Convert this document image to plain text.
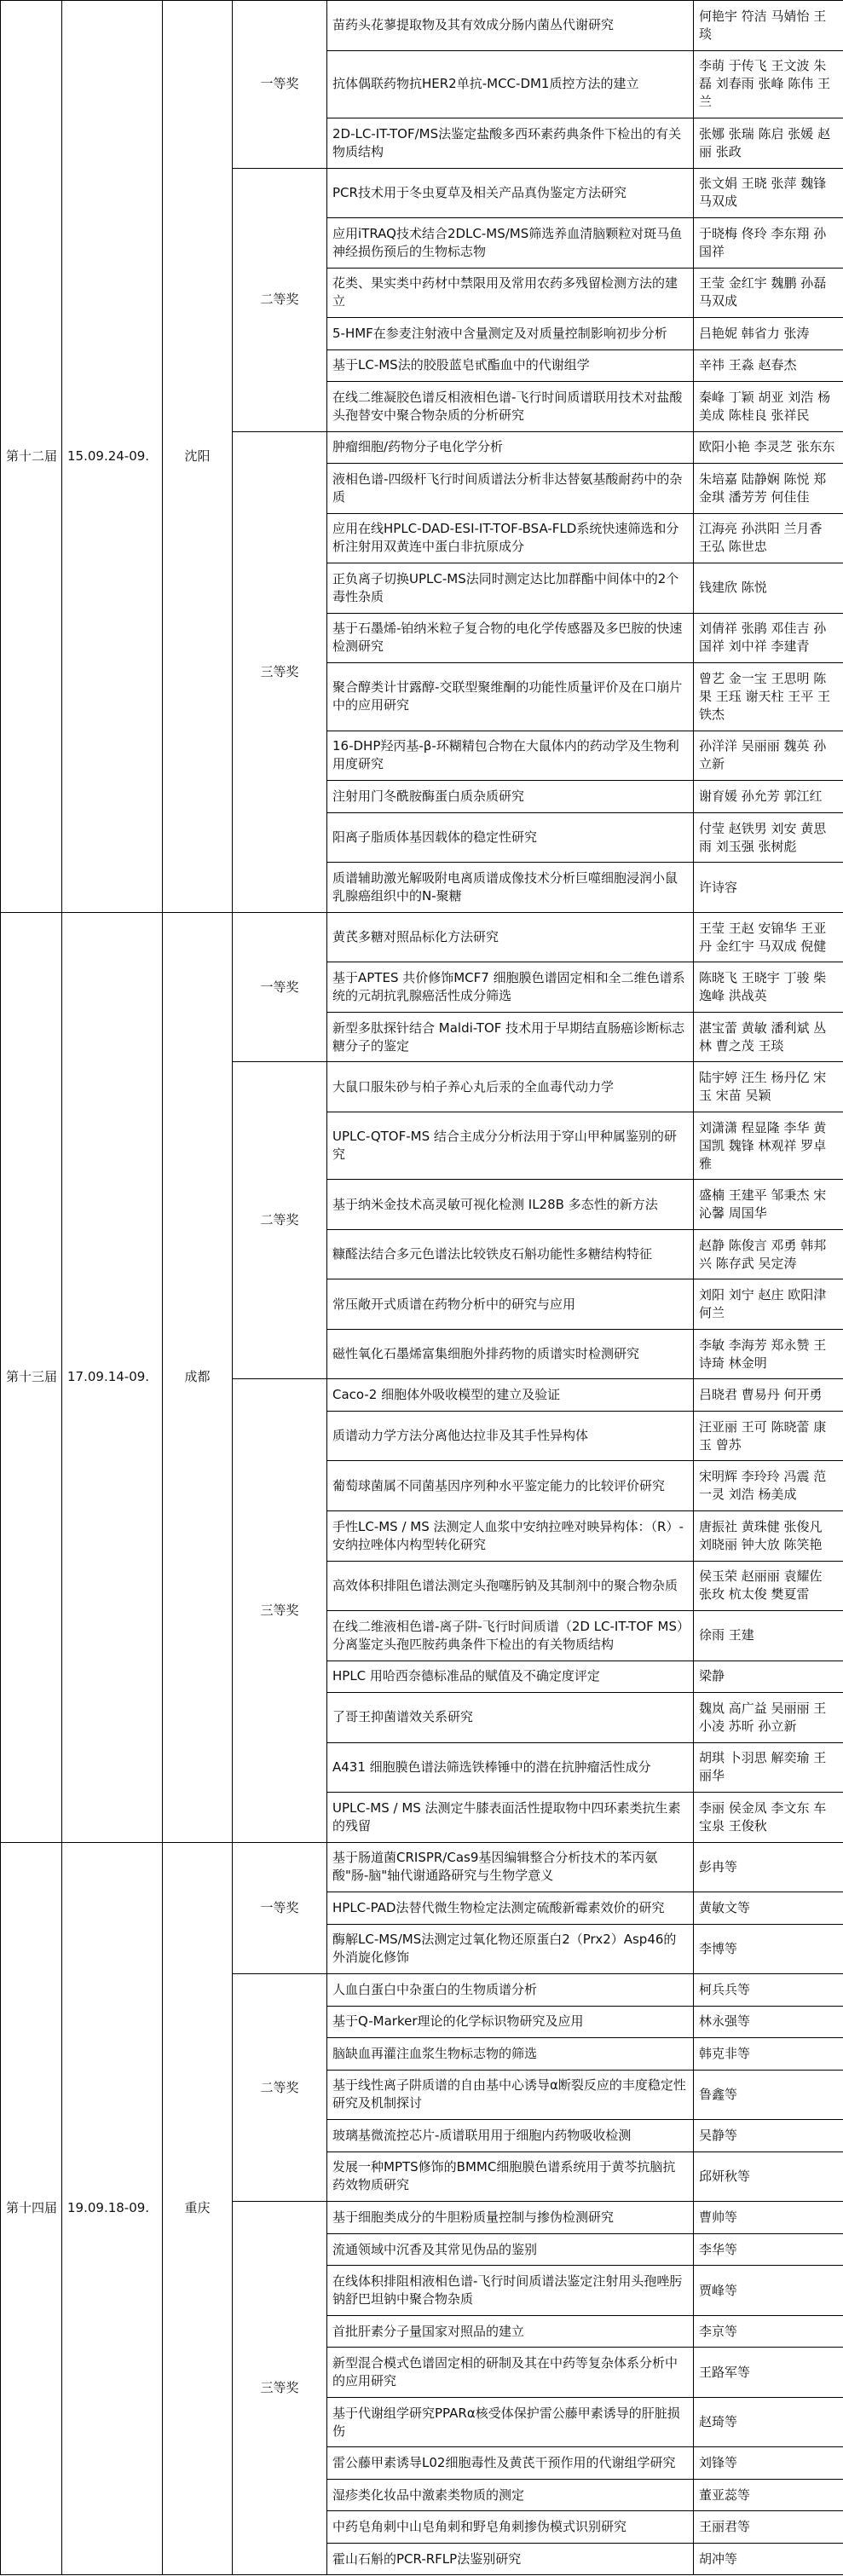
第十二届	15.09.24-09.	沈阳	一等奖	苗药头花蓼提取物及其有效成分肠内菌丛代谢研究	何艳宇 符洁 马婧怡 王琰
				抗体偶联药物抗HER2单抗-MCC-DM1质控方法的建立	李萌 于传飞 王文波 朱磊 刘春雨 张峰 陈伟 王兰
				2D-LC-IT-TOF/MS法鉴定盐酸多西环素药典条件下检出的有关物质结构	张娜 张瑞 陈启 张媛 赵丽 张政
			二等奖	PCR技术用于冬虫夏草及相关产品真伪鉴定方法研究	张文娟 王晓 张萍 魏锋 马双成
				应用iTRAQ技术结合2DLC-MS/MS筛选养血清脑颗粒对斑马鱼神经损伤预后的生物标志物	于晓梅 佟玲 李东翔 孙国祥
				花类、果实类中药材中禁限用及常用农药多残留检测方法的建立	王莹 金红宇 魏鹏 孙磊 马双成
				5-HMF在参麦注射液中含量测定及对质量控制影响初步分析	吕艳妮 韩省力 张涛
				基于LC-MS法的胶股蓝皂甙酯血中的代谢组学	辛祎 王淼 赵春杰
				在线二维凝胶色谱反相液相色谱-飞行时间质谱联用技术对盐酸头孢替安中聚合物杂质的分析研究	秦峰 丁颖 胡亚 刘浩 杨美成 陈桂良 张祥民
			三等奖	肿瘤细胞/药物分子电化学分析	欧阳小艳 李灵芝 张东东
				液相色谱-四级杆飞行时间质谱法分析非达替氨基酸耐药中的杂质	朱培嘉 陆静娴 陈悦 郑金琪 潘芳芳 何佳佳
				应用在线HPLC-DAD-ESI-IT-TOF-BSA-FLD系统快速筛选和分析注射用双黄连中蛋白非抗原成分	江海亮 孙洪阳 兰月香 王弘 陈世忠
				正负离子切换UPLC-MS法同时测定达比加群酯中间体中的2个毒性杂质	钱建欣 陈悦
				基于石墨烯-铂纳米粒子复合物的电化学传感器及多巴胺的快速检测研究	刘倩祥 张鹃 邓佳吉 孙国祥 刘中祥 李建青
				聚合醇类计甘露醇-交联型聚维酮的功能性质量评价及在口崩片中的应用研究	曾艺 金一宝 王思明 陈果 王珏 谢天柱 王平 王铁杰
				16-DHP羟丙基-β-环糊精包合物在大鼠体内的药动学及生物利用度研究	孙洋洋 吴丽丽 魏英 孙立新
				注射用门冬酰胺酶蛋白质杂质研究	谢育媛 孙允芳 郭江红
				阳离子脂质体基因载体的稳定性研究	付莹 赵铁男 刘安 黄思雨 刘玉强 张树彪
				质谱辅助激光解吸附电离质谱成像技术分析巨噬细胞浸润小鼠乳腺癌组织中的N-聚糖	许诗容
第十三届	17.09.14-09.	成都	一等奖	黄芪多糖对照品标化方法研究	王莹 王赵 安锦华 王亚丹 金红宇 马双成 倪健
				基于APTES 共价修饰MCF7 细胞膜色谱固定相和全二维色谱系统的元胡抗乳腺癌活性成分筛选	陈晓飞 王晓宇 丁骏 柴逸峰 洪战英
				新型多肽探针结合 Maldi-TOF 技术用于早期结直肠癌诊断标志糖分子的鉴定	湛宝蕾 黄敏 潘利斌 丛林 曹之茂 王琰
			二等奖	大鼠口服朱砂与柏子养心丸后汞的全血毒代动力学	陆宇婷 汪生 杨丹亿 宋玉 宋苗 吴颖
				UPLC-QTOF-MS 结合主成分分析法用于穿山甲种属鉴别的研究	刘潇潇 程显隆 李华 黄国凯 魏锋 林观祥 罗卓雅
				基于纳米金技术高灵敏可视化检测 IL28B 多态性的新方法	盛楠 王建平 邹秉杰 宋沁馨 周国华
				糠醛法结合多元色谱法比较铁皮石斛功能性多糖结构特征	赵静 陈俊言 邓勇 韩邦兴 陈存武 吴定涛
				常压敞开式质谱在药物分析中的研究与应用	刘阳 刘宁 赵庄 欧阳津 何兰
				磁性氧化石墨烯富集细胞外排药物的质谱实时检测研究	李敏 李海芳 郑永赞 王诗琦 林金明
			三等奖	Caco-2 细胞体外吸收模型的建立及验证	吕晓君 曹易丹 何开勇
				质谱动力学方法分离他达拉非及其手性异构体	汪亚丽 王可 陈晓蕾 康玉 曾苏
				葡萄球菌属不同菌基因序列种水平鉴定能力的比较评价研究	宋明辉 李玲玲 冯震 范一灵 刘浩 杨美成
				手性LC-MS / MS 法测定人血浆中安纳拉唑对映异构体：（R）-安纳拉唑体内构型转化研究	唐振社 黄珠健 张俊凡 刘晓丽 钟大放 陈笑艳
				高效体积排阻色谱法测定头孢噻肟钠及其制剂中的聚合物杂质	侯玉荣 赵丽丽 袁耀佐 张玫 杭太俊 樊夏雷
				在线二维液相色谱-离子阱-飞行时间质谱（2D LC-IT-TOF MS）分离鉴定头孢匹胺药典条件下检出的有关物质结构	徐雨 王建
				HPLC 用哈西奈德标准品的赋值及不确定度评定	梁静
				了哥王抑菌谱效关系研究	魏岚 高广益 吴丽丽 王小凌 苏昕 孙立新
				A431 细胞膜色谱法筛选铁棒锤中的潜在抗肿瘤活性成分	胡琪 卜羽思 解奕瑜 王丽华
				UPLC-MS / MS 法测定牛膝表面活性提取物中四环素类抗生素的残留	李丽 侯金凤 李文东 车宝泉 王俊秋
第十四届	19.09.18-09.	重庆	一等奖	基于肠道菌CRISPR/Cas9基因编辑整合分析技术的苯丙氨酸"肠-脑"轴代谢通路研究与生物学意义	彭冉等
				HPLC-PAD法替代微生物检定法测定硫酸新霉素效价的研究	黄敏文等
				酶解LC-MS/MS法测定过氧化物还原蛋白2（Prx2）Asp46的外消旋化修饰	李博等
			二等奖	人血白蛋白中杂蛋白的生物质谱分析	柯兵兵等
				基于Q-Marker理论的化学标识物研究及应用	林永强等
				脑缺血再灌注血浆生物标志物的筛选	韩克非等
				基于线性离子阱质谱的自由基中心诱导α断裂反应的丰度稳定性研究及机制探讨	鲁鑫等
				玻璃基微流控芯片-质谱联用用于细胞内药物吸收检测	吴静等
				发展一种MPTS修饰的BMMC细胞膜色谱系统用于黄芩抗脑抗药效物质研究	邱妍秋等
			三等奖	基于细胞类成分的牛胆粉质量控制与掺伪检测研究	曹帅等
				流通领域中沉香及其常见伪品的鉴别	李华等
				在线体积排阻相液相色谱-飞行时间质谱法鉴定注射用头孢唑肟钠舒巴坦钠中聚合物杂质	贾峰等
				首批肝素分子量国家对照品的建立	李京等
				新型混合模式色谱固定相的研制及其在中药等复杂体系分析中的应用研究	王路军等
				基于代谢组学研究PPARα核受体保护雷公藤甲素诱导的肝脏损伤	赵琦等
				雷公藤甲素诱导L02细胞毒性及黄芪干预作用的代谢组学研究	刘锋等
				湿疹类化妆品中激素类物质的测定	董亚蕊等
				中药皂角刺中山皂角刺和野皂角刺掺伪模式识别研究	王丽君等
				霍山石斛的PCR-RFLP法鉴别研究	胡冲等
